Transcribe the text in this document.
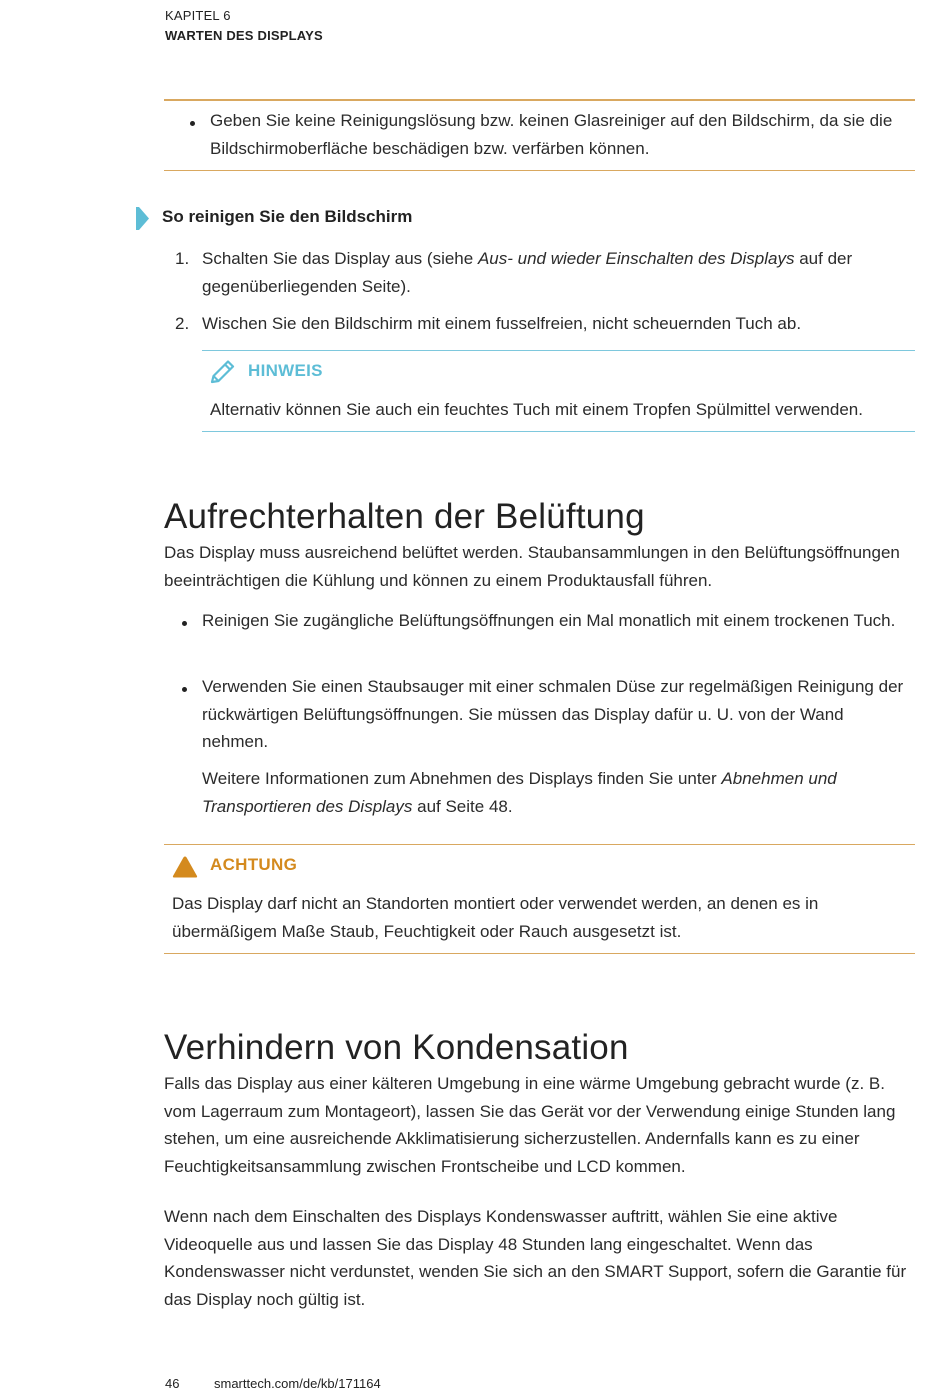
KAPITEL 6
WARTEN DES DISPLAYS
Geben Sie keine Reinigungslösung bzw. keinen Glasreiniger auf den Bildschirm, da sie die Bildschirmoberfläche beschädigen bzw. verfärben können.
So reinigen Sie den Bildschirm
1. Schalten Sie das Display aus (siehe Aus- und wieder Einschalten des Displays auf der gegenüberliegenden Seite).
2. Wischen Sie den Bildschirm mit einem fusselfreien, nicht scheuernden Tuch ab.
HINWEIS
Alternativ können Sie auch ein feuchtes Tuch mit einem Tropfen Spülmittel verwenden.
Aufrechterhalten der Belüftung
Das Display muss ausreichend belüftet werden. Staubansammlungen in den Belüftungsöffnungen beeinträchtigen die Kühlung und können zu einem Produktausfall führen.
Reinigen Sie zugängliche Belüftungsöffnungen ein Mal monatlich mit einem trockenen Tuch.
Verwenden Sie einen Staubsauger mit einer schmalen Düse zur regelmäßigen Reinigung der rückwärtigen Belüftungsöffnungen. Sie müssen das Display dafür u. U. von der Wand nehmen.
Weitere Informationen zum Abnehmen des Displays finden Sie unter Abnehmen und Transportieren des Displays auf Seite 48.
ACHTUNG
Das Display darf nicht an Standorten montiert oder verwendet werden, an denen es in übermäßigem Maße Staub, Feuchtigkeit oder Rauch ausgesetzt ist.
Verhindern von Kondensation
Falls das Display aus einer kälteren Umgebung in eine wärme Umgebung gebracht wurde (z. B. vom Lagerraum zum Montageort), lassen Sie das Gerät vor der Verwendung einige Stunden lang stehen, um eine ausreichende Akklimatisierung sicherzustellen. Andernfalls kann es zu einer Feuchtigkeitsansammlung zwischen Frontscheibe und LCD kommen.
Wenn nach dem Einschalten des Displays Kondenswasser auftritt, wählen Sie eine aktive Videoquelle aus und lassen Sie das Display 48 Stunden lang eingeschaltet. Wenn das Kondenswasser nicht verdunstet, wenden Sie sich an den SMART Support, sofern die Garantie für das Display noch gültig ist.
46	smarttech.com/de/kb/171164
